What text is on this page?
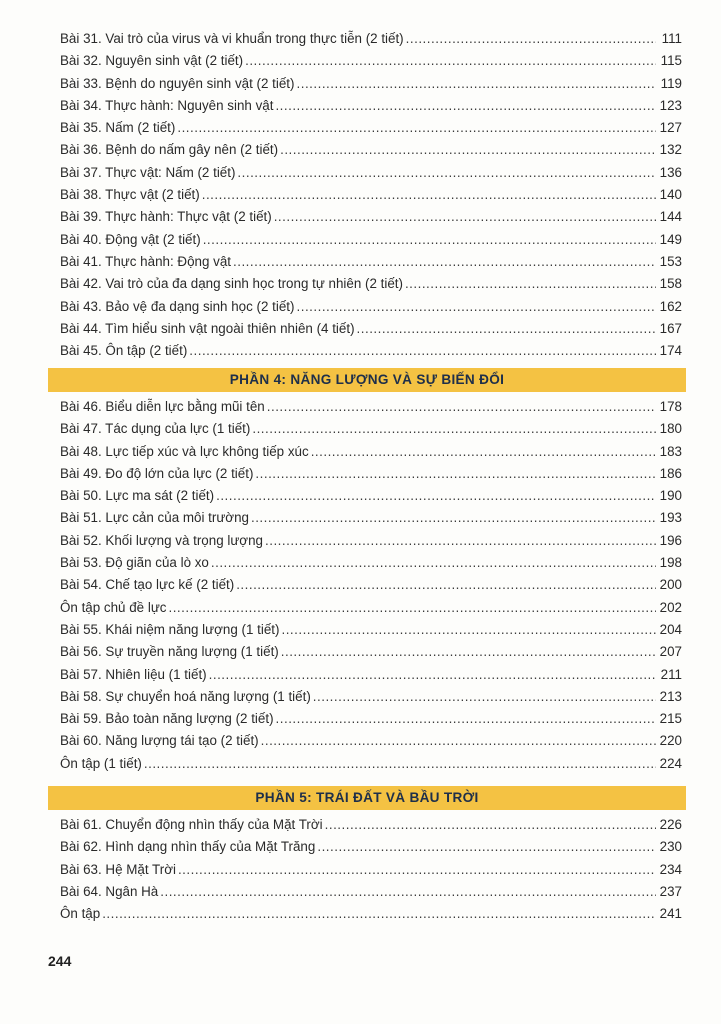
Bài 31. Vai trò của virus và vi khuẩn trong thực tiễn (2 tiết) .....	111
Bài 32. Nguyên sinh vật (2 tiết) .....	115
Bài 33. Bệnh do nguyên sinh vật (2 tiết) .....	119
Bài 34. Thực hành: Nguyên sinh vật .....	123
Bài 35. Nấm (2 tiết) .....	127
Bài 36. Bệnh do nấm gây nên (2 tiết) .....	132
Bài 37. Thực vật: Nấm (2 tiết) .....	136
Bài 38. Thực vật (2 tiết) .....	140
Bài 39. Thực hành: Thực vật (2 tiết) .....	144
Bài 40. Động vật (2 tiết) .....	149
Bài 41. Thực hành: Động vật .....	153
Bài 42. Vai trò của đa dạng sinh học trong tự nhiên (2 tiết) .....	158
Bài 43. Bảo vệ đa dạng sinh học (2 tiết) .....	162
Bài 44. Tìm hiểu sinh vật ngoài thiên nhiên (4 tiết) .....	167
Bài 45. Ôn tập (2 tiết) .....	174
PHẦN 4: NĂNG LƯỢNG VÀ SỰ BIẾN ĐỔI
Bài 46. Biểu diễn lực bằng mũi tên .....	178
Bài 47. Tác dụng của lực (1 tiết) .....	180
Bài 48. Lực tiếp xúc và lực không tiếp xúc .....	183
Bài 49. Đo độ lớn của lực (2 tiết) .....	186
Bài 50. Lực ma sát (2 tiết) .....	190
Bài 51. Lực cản của môi trường .....	193
Bài 52. Khối lượng và trọng lượng .....	196
Bài 53. Độ giãn của lò xo .....	198
Bài 54. Chế tạo lực kế (2 tiết) .....	200
Ôn tập chủ đề lực .....	202
Bài 55. Khái niệm năng lượng (1 tiết) .....	204
Bài 56. Sự truyền năng lượng (1 tiết) .....	207
Bài 57. Nhiên liệu (1 tiết) .....	211
Bài 58. Sự chuyển hoá năng lượng (1 tiết) .....	213
Bài 59. Bảo toàn năng lượng (2 tiết) .....	215
Bài 60. Năng lượng tái tạo (2 tiết) .....	220
Ôn tập (1 tiết) .....	224
PHẦN 5: TRÁI ĐẤT VÀ BẦU TRỜI
Bài 61. Chuyển động nhìn thấy của Mặt Trời .....	226
Bài 62. Hình dạng nhìn thấy của Mặt Trăng .....	230
Bài 63. Hệ Mặt Trời .....	234
Bài 64. Ngân Hà .....	237
Ôn tập .....	241
244
